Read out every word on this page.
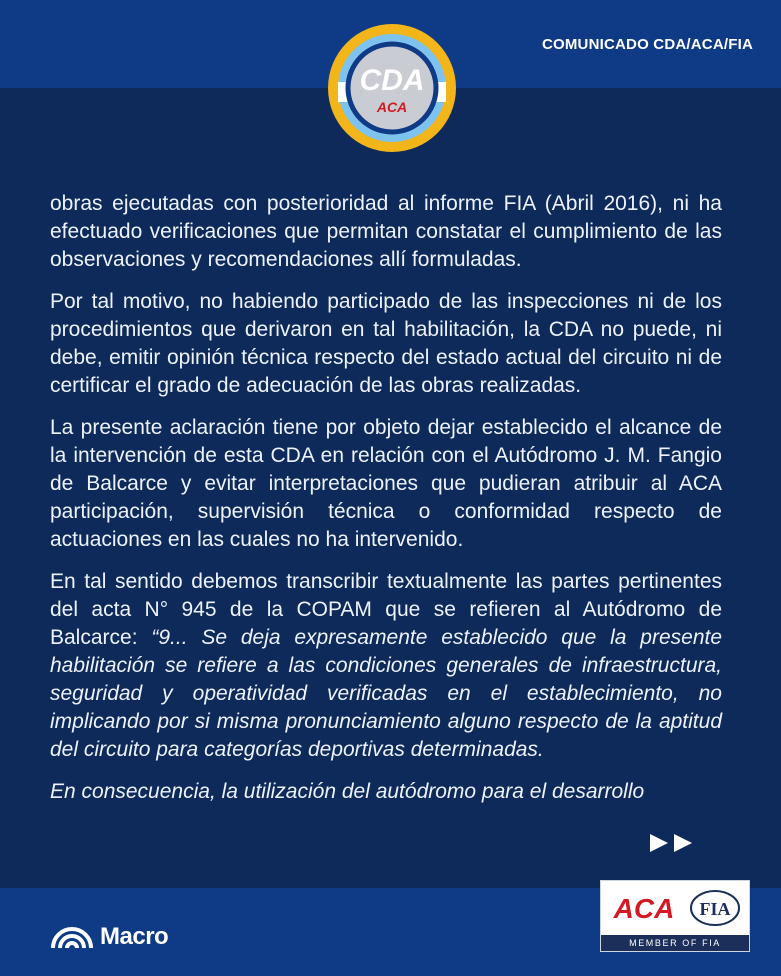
COMUNICADO CDA/ACA/FIA
CDA
ACA

obras ejecutadas con posterioridad al informe FIA (Abril 2016), ni ha efectuado verificaciones que permitan constatar el cumplimiento de las observaciones y recomendaciones allí formuladas.

Por tal motivo, no habiendo participado de las inspecciones ni de los procedimientos que derivaron en tal habilitación, la CDA no puede, ni debe, emitir opinión técnica respecto del estado actual del circuito ni de certificar el grado de adecuación de las obras realizadas.

La presente aclaración tiene por objeto dejar establecido el alcance de la intervención de esta CDA en relación con el Autódromo J. M. Fangio de Balcarce y evitar interpretaciones que pudieran atribuir al ACA participación, supervisión técnica o conformidad respecto de actuaciones en las cuales no ha intervenido.

En tal sentido debemos transcribir textualmente las partes pertinentes del acta N° 945 de la COPAM que se refieren al Autódromo de Balcarce: “9... Se deja expresamente establecido que la presente habilitación se refiere a las condiciones generales de infraestructura, seguridad y operatividad verificadas en el establecimiento, no implicando por si misma pronunciamiento alguno respecto de la aptitud del circuito para categorías deportivas determinadas.

En consecuencia, la utilización del autódromo para el desarrollo

Macro
ACA FIA
MEMBER OF FIA
